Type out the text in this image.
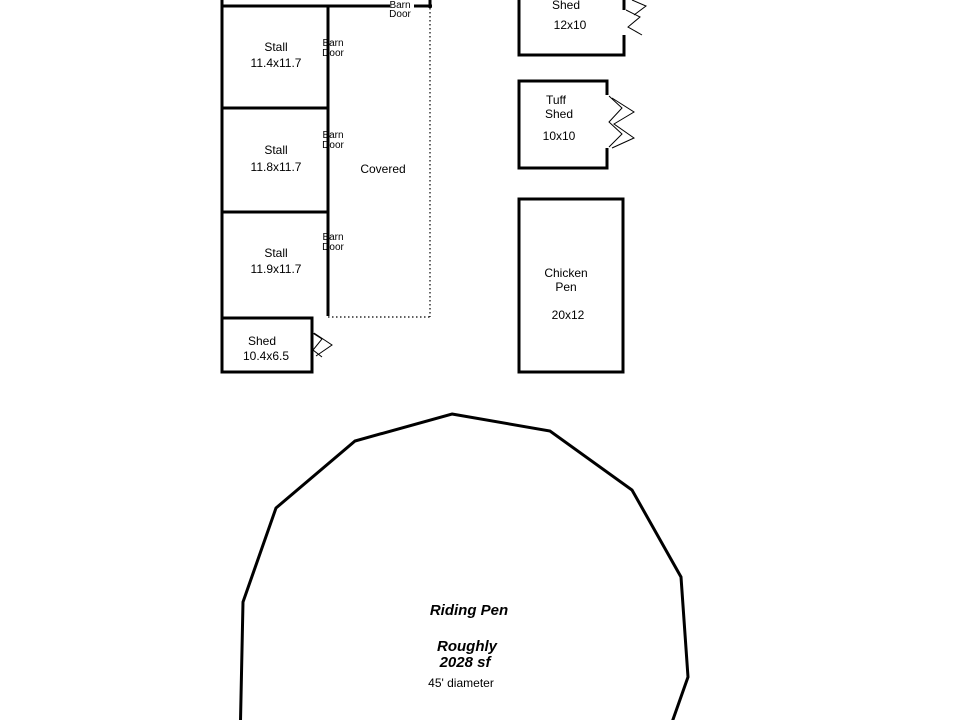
Stall
11.4x11.7
Stall
11.8x11.7
Stall
11.9x11.7
Barn
Door
Barn
Door
Barn
Door
Barn
Door
Covered
Shed
10.4x6.5
Shed
12x10
Tuff
Shed
10x10
Chicken
Pen
20x12
Riding Pen
Roughly
2028 sf
45' diameter
